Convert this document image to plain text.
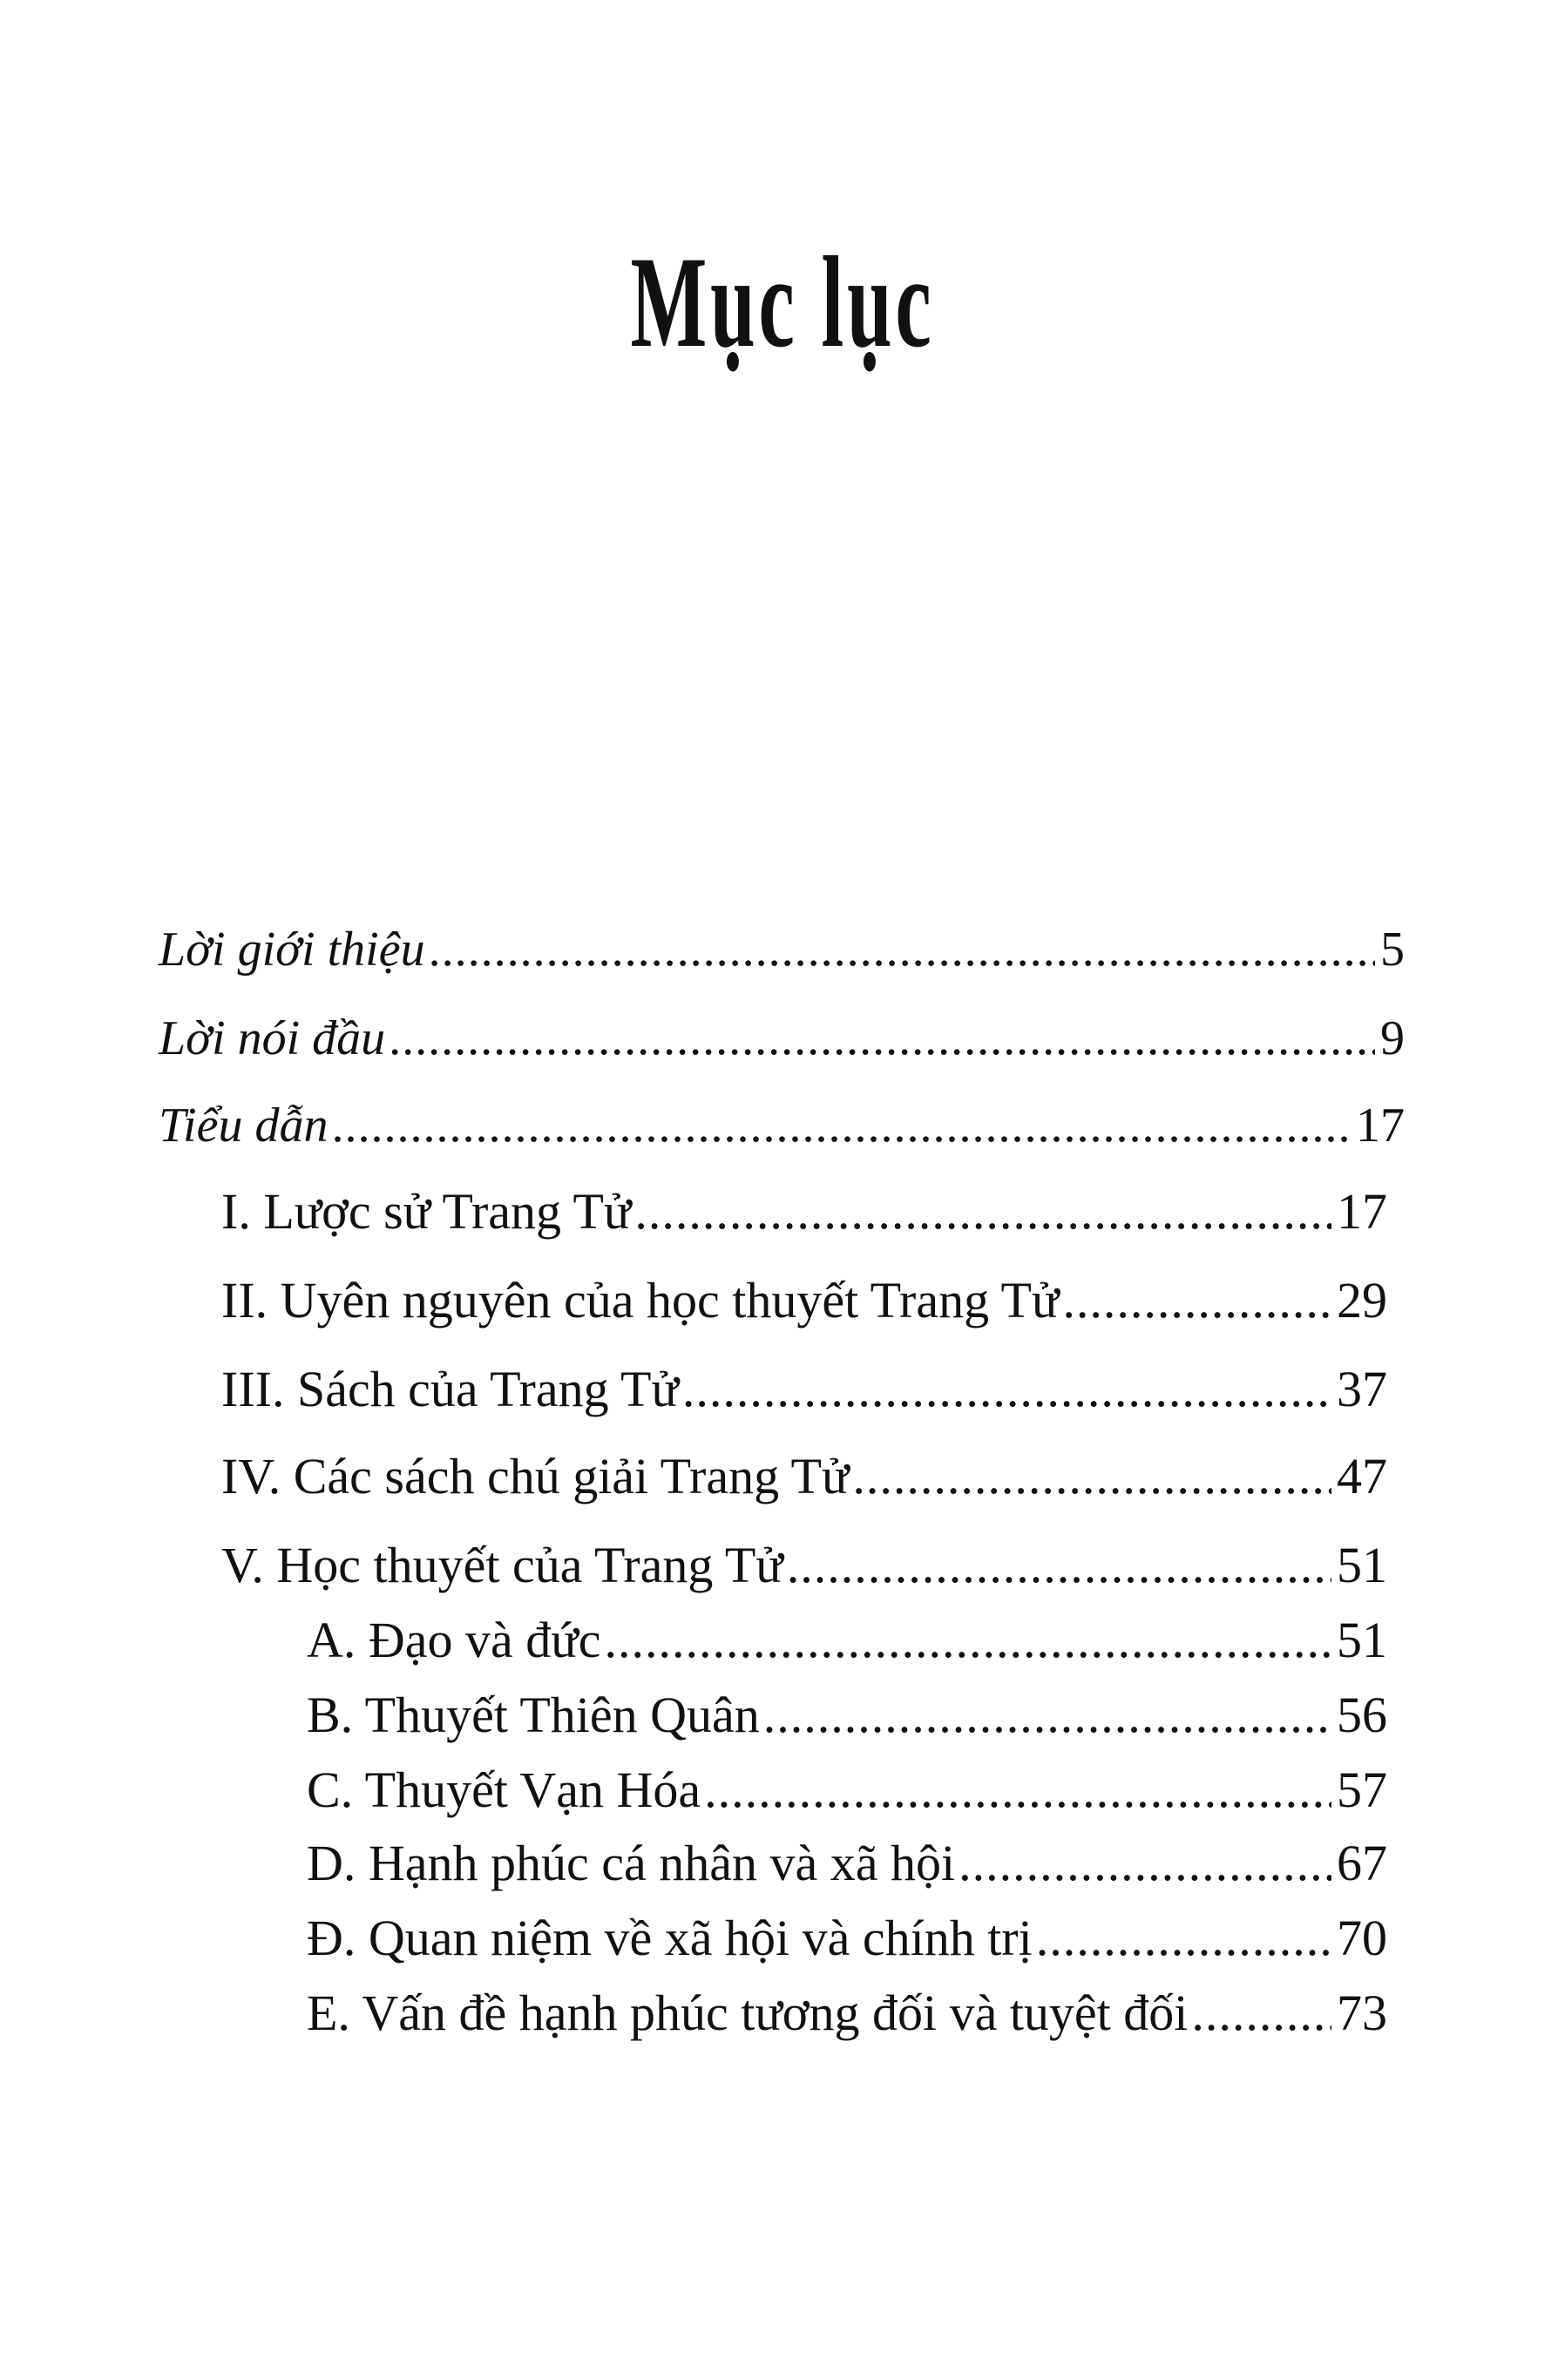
Mục lục
Lời giới thiệu .....	5
Lời nói đầu .....	9
Tiểu dẫn .....	17
I. Lược sử Trang Tử .....	17
II. Uyên nguyên của học thuyết Trang Tử .....	29
III. Sách của Trang Tử .....	37
IV. Các sách chú giải Trang Tử .....	47
V. Học thuyết của Trang Tử .....	51
A. Đạo và đức .....	51
B. Thuyết Thiên Quân .....	56
C. Thuyết Vạn Hóa .....	57
D. Hạnh phúc cá nhân và xã hội .....	67
Đ. Quan niệm về xã hội và chính trị .....	70
E. Vấn đề hạnh phúc tương đối và tuyệt đối .....	73
